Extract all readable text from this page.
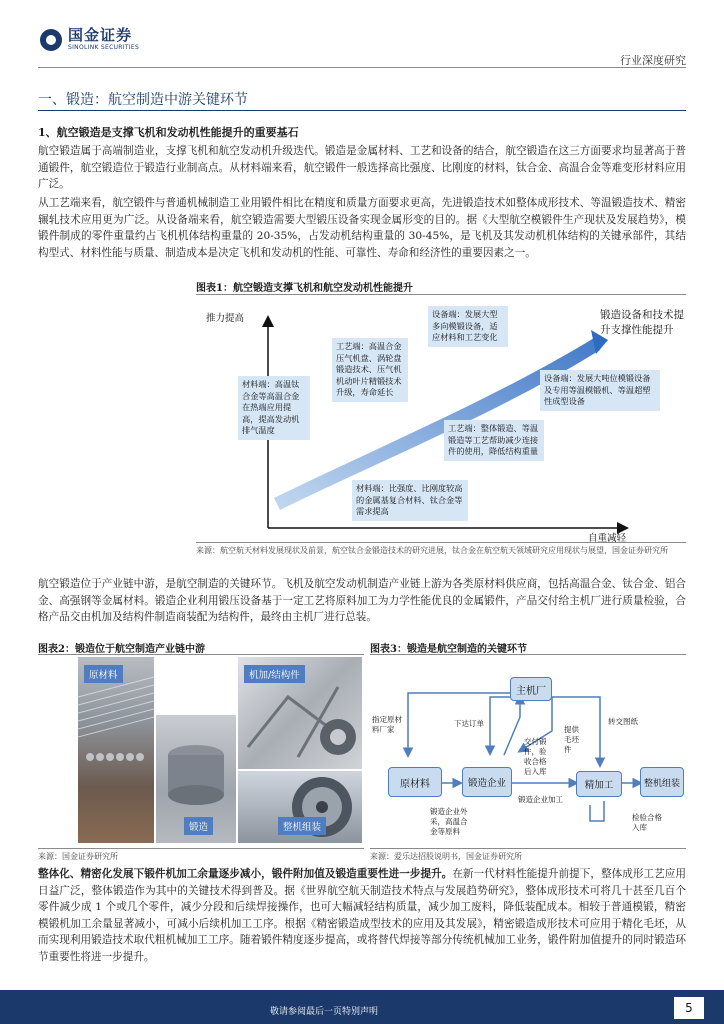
国金证券
SINOLINK SECURITIES
行业深度研究
一、锻造：航空制造中游关键环节
1、航空锻造是支撑飞机和发动机性能提升的重要基石
航空锻造属于高端制造业，支撑飞机和航空发动机升级迭代。锻造是金属材料、工艺和设备的结合，航空锻造在这三方面要求均显著高于普通锻件，航空锻造位于锻造行业制高点。从材料端来看，航空锻件一般选择高比强度、比刚度的材料，钛合金、高温合金等难变形材料应用广泛。
从工艺端来看，航空锻件与普通机械制造工业用锻件相比在精度和质量方面要求更高，先进锻造技术如整体成形技术、等温锻造技术、精密辗轧技术应用更为广泛。从设备端来看，航空锻造需要大型锻压设备实现金属形变的目的。据《大型航空模锻件生产现状及发展趋势》，模锻件制成的零件重量约占飞机机体结构重量的 20-35%，占发动机结构重量的 30-45%，是飞机及其发动机机体结构的关键承部件，其结构型式、材料性能与质量、制造成本是决定飞机和发动机的性能、可靠性、寿命和经济性的重要因素之一。
图表1：航空锻造支撑飞机和航空发动机性能提升
推力提高
自重减轻
锻造设备和技术提升支撑性能提升
材料端：比强度、比刚度较高的金属基复合材料、钛合金等需求提高
材料端：高温钛合金等高温合金在热端应用提高，提高发动机排气温度
工艺端：高温合金压气机盘、涡轮盘锻造技术、压气机机动叶片精锻技术升级，寿命延长
设备端：发展大型多向模锻设备，适应材料和工艺变化
工艺端：整体锻造、等温锻造等工艺帮助减少连接件的使用，降低结构重量
设备端：发展大吨位模锻设备及专用等温模锻机、等温超塑性成型设备
来源：航空航天材料发展现状及前景，航空钛合金锻造技术的研究进展，钛合金在航空航天领域研究应用现状与展望，国金证券研究所
航空锻造位于产业链中游，是航空制造的关键环节。飞机及航空发动机制造产业链上游为各类原材料供应商，包括高温合金、钛合金、铝合金、高强钢等金属材料。锻造企业利用锻压设备基于一定工艺将原料加工为力学性能优良的金属锻件，产品交付给主机厂进行质量检验，合格产品交由机加及结构件制造商装配为结构件，最终由主机厂进行总装。
图表2：锻造位于航空制造产业链中游
原材料	机加/结构件
锻造	整机组装
来源：国金证券研究所
图表3：锻造是航空制造的关键环节
主机厂
原材料	锻造企业	精加工	整机组装
指定原材料厂家
下达订单
交付锻件，验收合格后入库
提供毛坯件
锻造企业外采，高温合金等原料
锻造企业加工
转交图纸
检验合格入库
来源：爱乐达招股说明书，国金证券研究所
整体化、精密化发展下锻件机加工余量逐步减小，锻件附加值及锻造重要性进一步提升。在新一代材料性能提升前提下，整体成形工艺应用日益广泛，整体锻造作为其中的关键技术得到普及。据《世界航空航天制造技术特点与发展趋势研究》，整体成形技术可将几十甚至几百个零件减少成 1 个或几个零件，减少分段和后续焊接操作，也可大幅减轻结构质量，减少加工废料，降低装配成本。相较于普通模锻，精密模锻机加工余量显著减小，可减小后续机加工工序。根据《精密锻造成型技术的应用及其发展》，精密锻造成形技术可应用于精化毛坯，从而实现利用锻造技术取代粗机械加工工序。随着锻件精度逐步提高，或将替代焊接等部分传统机械加工业务，锻件附加值提升的同时锻造环节重要性将进一步提升。
敬请参阅最后一页特别声明	5
